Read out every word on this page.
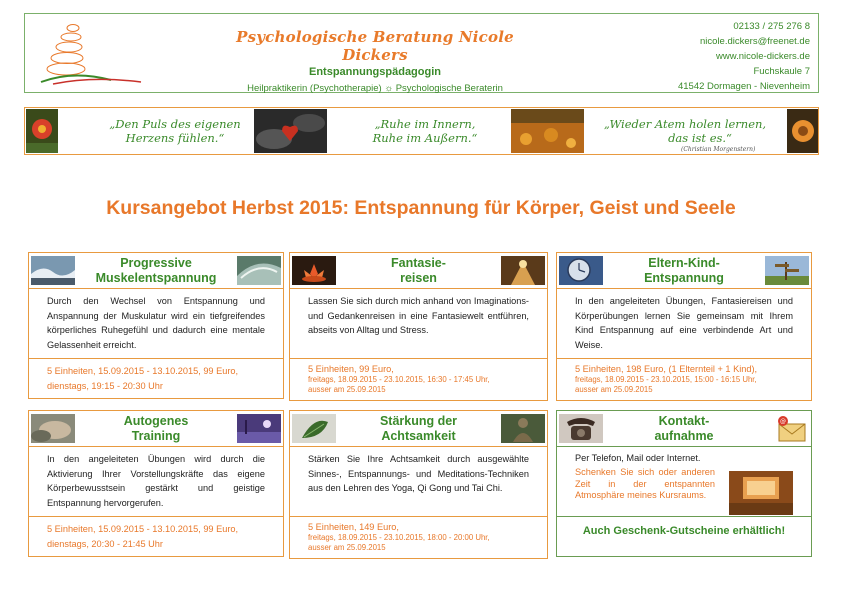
Psychologische Beratung Nicole Dickers
Entspannungspädagogin
Heilpraktikerin (Psychotherapie) ☼ Psychologische Beraterin
02133 / 275 276 8
nicole.dickers@freenet.de
www.nicole-dickers.de
Fuchskaule 7
41542 Dormagen - Nievenheim
„Den Puls des eigenen
Herzens fühlen.“
„Ruhe im Innern,
Ruhe im Außern.“
„Wieder Atem holen lernen,
das ist es.“
(Christian Morgenstern)
Kursangebot Herbst 2015: Entspannung für Körper, Geist und Seele
Progressive
Muskelentspannung
Durch den Wechsel von Entspannung und Anspannung der Muskulatur wird ein tiefgreifendes körperliches Ruhegefühl und dadurch eine mentale Gelassenheit erreicht.
5 Einheiten, 15.09.2015 - 13.10.2015, 99 Euro,
dienstags, 19:15 - 20:30 Uhr
Fantasie-
reisen
Lassen Sie sich durch mich anhand von Imaginations- und Gedankenreisen in eine Fantasiewelt entführen, abseits von Alltag und Stress.
5 Einheiten, 99 Euro,
freitags, 18.09.2015 - 23.10.2015, 16:30 - 17:45 Uhr,
ausser am 25.09.2015
Eltern-Kind-
Entspannung
In den angeleiteten Übungen, Fantasiereisen und Körperübungen lernen Sie gemeinsam mit Ihrem Kind Entspannung auf eine verbindende Art und Weise.
5 Einheiten, 198 Euro, (1 Elternteil + 1 Kind),
freitags, 18.09.2015 - 23.10.2015, 15:00 - 16:15 Uhr,
ausser am 25.09.2015
Autogenes
Training
In den angeleiteten Übungen wird durch die Aktivierung Ihrer Vorstellungskräfte das eigene Körperbewusstsein gestärkt und geistige Entspannung hervorgerufen.
5 Einheiten, 15.09.2015 - 13.10.2015, 99 Euro,
dienstags, 20:30 - 21:45 Uhr
Stärkung der
Achtsamkeit
Stärken Sie Ihre Achtsamkeit durch ausgewählte Sinnes-, Entspannungs- und Meditations-Techniken aus den Lehren des Yoga, Qi Gong und Tai Chi.
5 Einheiten, 149 Euro,
freitags, 18.09.2015 - 23.10.2015, 18:00 - 20:00 Uhr,
ausser am 25.09.2015
Kontakt-
aufnahme
@
Per Telefon, Mail oder Internet.
Schenken Sie sich oder anderen Zeit in der entspannten Atmosphäre meines Kursraums.
Auch Geschenk-Gutscheine erhältlich!
